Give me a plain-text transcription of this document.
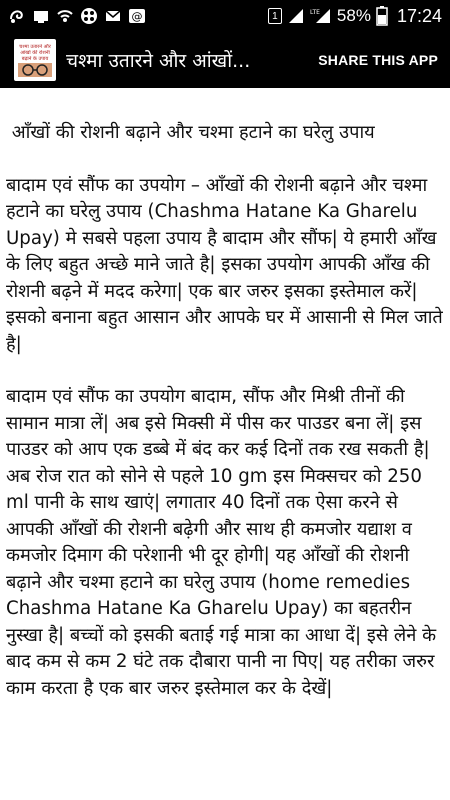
@	1	LTE 58% 17:24
चश्मा उतारने और
आंखों की रोशनी
बढ़ाने के उपाय चश्मा उतारने और आंखों...	SHARE THIS APP

आँखों की रोशनी बढ़ाने और चश्मा हटाने का घरेलु उपाय

बादाम एवं सौंफ का उपयोग – आँखों की रोशनी बढ़ाने और चश्मा हटाने का घरेलु उपाय (Chashma Hatane Ka Gharelu Upay) मे सबसे पहला उपाय है बादाम और सौंफ| ये हमारी आँख के लिए बहुत अच्छे माने जाते है| इसका उपयोग आपकी आँख की रोशनी बढ़ने में मदद करेगा| एक बार जरुर इसका इस्तेमाल करें| इसको बनाना बहुत आसान और आपके घर में आसानी से मिल जाते है|

बादाम एवं सौंफ का उपयोग बादाम, सौंफ और मिश्री तीनों की सामान मात्रा लें| अब इसे मिक्सी में पीस कर पाउडर बना लें| इस पाउडर को आप एक डब्बे में बंद कर कई दिनों तक रख सकती है| अब रोज रात को सोने से पहले 10 gm इस मिक्सचर को 250 ml पानी के साथ खाएं| लगातार 40 दिनों तक ऐसा करने से आपकी आँखों की रोशनी बढ़ेगी और साथ ही कमजोर यद्याश व कमजोर दिमाग की परेशानी भी दूर होगी| यह आँखों की रोशनी बढ़ाने और चश्मा हटाने का घरेलु उपाय (home remedies Chashma Hatane Ka Gharelu Upay) का बहतरीन नुस्खा है| बच्चों को इसकी बताई गई मात्रा का आधा दें| इसे लेने के बाद कम से कम 2 घंटे तक दौबारा पानी ना पिए| यह तरीका जरुर काम करता है एक बार जरुर इस्तेमाल कर के देखें|
